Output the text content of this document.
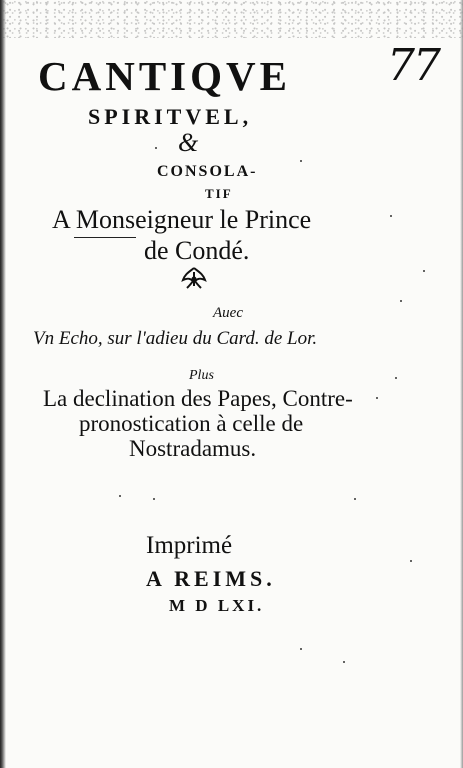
77
CANTIQVE
SPIRITVEL,
&
CONSOLA-
TIF
A Monseigneur le Prince
de Condé.
Auec
Vn Echo, sur l'adieu du Card. de Lor.
Plus
La declination des Papes, Contre-
pronostication à celle de
Nostradamus.
Imprimé
A REIMS.
M D LXI.
